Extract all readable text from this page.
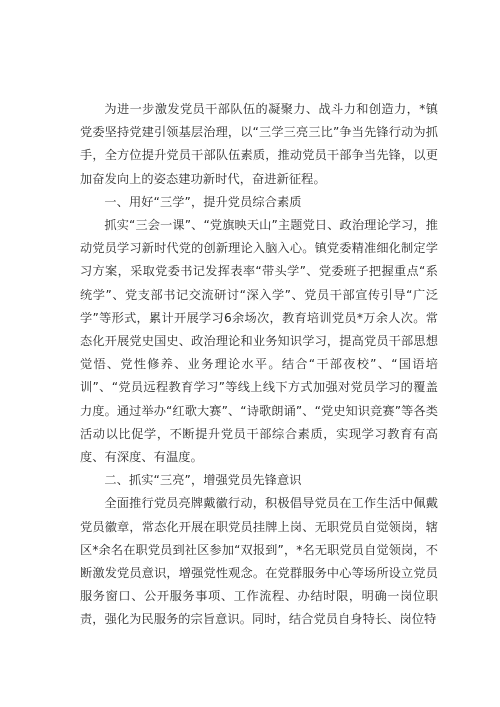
为进一步激发党员干部队伍的凝聚力、战斗力和创造力，*镇党委坚持党建引领基层治理，以“三学三亮三比”争当先锋行动为抓手，全方位提升党员干部队伍素质，推动党员干部争当先锋，以更加奋发向上的姿态建功新时代，奋进新征程。

一、用好“三学”，提升党员综合素质

抓实“三会一课”、“党旗映天山”主题党日、政治理论学习，推动党员学习新时代党的创新理论入脑入心。镇党委精准细化制定学习方案，采取党委书记发挥表率“带头学”、党委班子把握重点“系统学”、党支部书记交流研讨“深入学”、党员干部宣传引导“广泛学”等形式，累计开展学习6余场次，教育培训党员*万余人次。常态化开展党史国史、政治理论和业务知识学习，提高党员干部思想觉悟、党性修养、业务理论水平。结合“干部夜校”、“国语培训”、“党员远程教育学习”等线上线下方式加强对党员学习的覆盖力度。通过举办“红歌大赛”、“诗歌朗诵”、“党史知识竞赛”等各类活动以比促学，不断提升党员干部综合素质，实现学习教育有高度、有深度、有温度。

二、抓实“三亮”，增强党员先锋意识

全面推行党员亮牌戴徽行动，积极倡导党员在工作生活中佩戴党员徽章，常态化开展在职党员挂牌上岗、无职党员自觉领岗，辖区*余名在职党员到社区参加“双报到”，*名无职党员自觉领岗，不断激发党员意识，增强党性观念。在党群服务中心等场所设立党员服务窗口、公开服务事项、工作流程、办结时限，明确一岗位职责，强化为民服务的宗旨意识。同时，结合党员自身特长、岗位特
